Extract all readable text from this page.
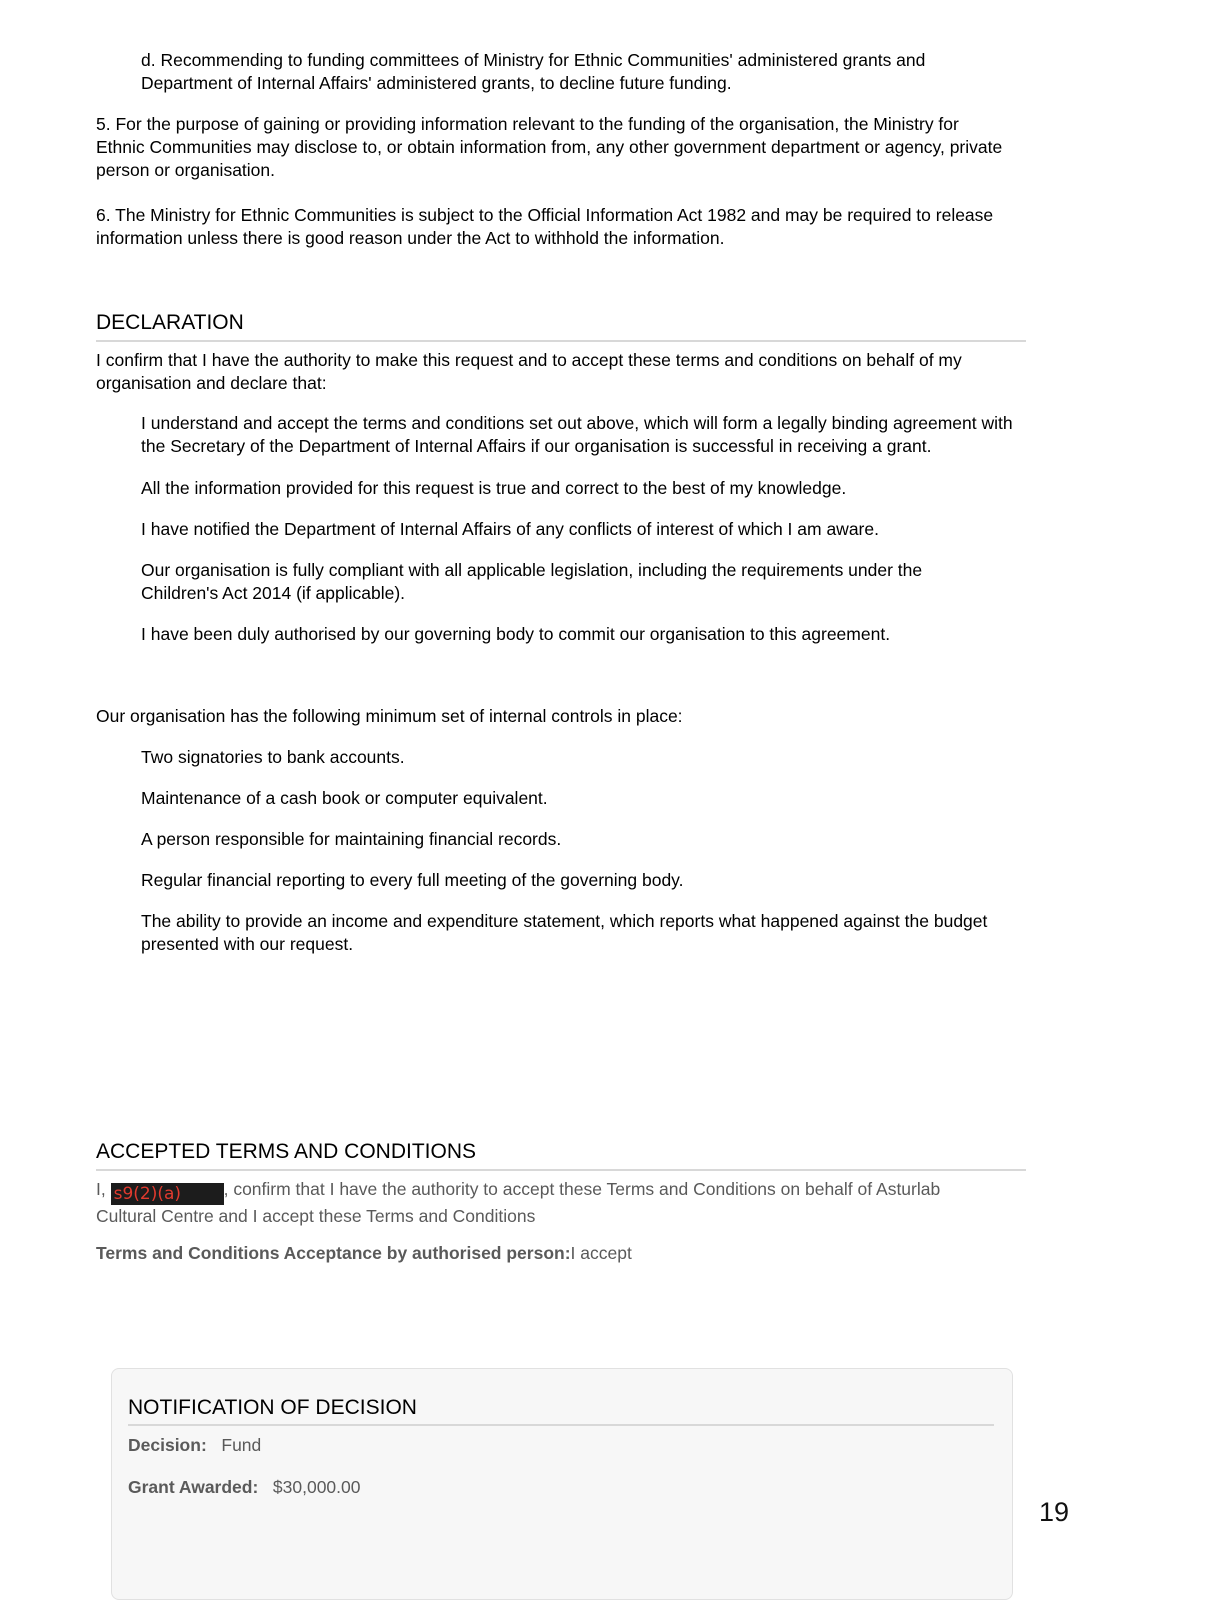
d. Recommending to funding committees of Ministry for Ethnic Communities' administered grants and Department of Internal Affairs' administered grants, to decline future funding.

5. For the purpose of gaining or providing information relevant to the funding of the organisation, the Ministry for Ethnic Communities may disclose to, or obtain information from, any other government department or agency, private person or organisation.

6. The Ministry for Ethnic Communities is subject to the Official Information Act 1982 and may be required to release information unless there is good reason under the Act to withhold the information.

DECLARATION

I confirm that I have the authority to make this request and to accept these terms and conditions on behalf of my organisation and declare that:

I understand and accept the terms and conditions set out above, which will form a legally binding agreement with the Secretary of the Department of Internal Affairs if our organisation is successful in receiving a grant.

All the information provided for this request is true and correct to the best of my knowledge.

I have notified the Department of Internal Affairs of any conflicts of interest of which I am aware.

Our organisation is fully compliant with all applicable legislation, including the requirements under the Children's Act 2014 (if applicable).

I have been duly authorised by our governing body to commit our organisation to this agreement.

Our organisation has the following minimum set of internal controls in place:

Two signatories to bank accounts.

Maintenance of a cash book or computer equivalent.

A person responsible for maintaining financial records.

Regular financial reporting to every full meeting of the governing body.

The ability to provide an income and expenditure statement, which reports what happened against the budget presented with our request.

ACCEPTED TERMS AND CONDITIONS

I, s9(2)(a) , confirm that I have the authority to accept these Terms and Conditions on behalf of Asturlab Cultural Centre and I accept these Terms and Conditions

Terms and Conditions Acceptance by authorised person:I accept

NOTIFICATION OF DECISION

Decision: Fund

Grant Awarded: $30,000.00

19
